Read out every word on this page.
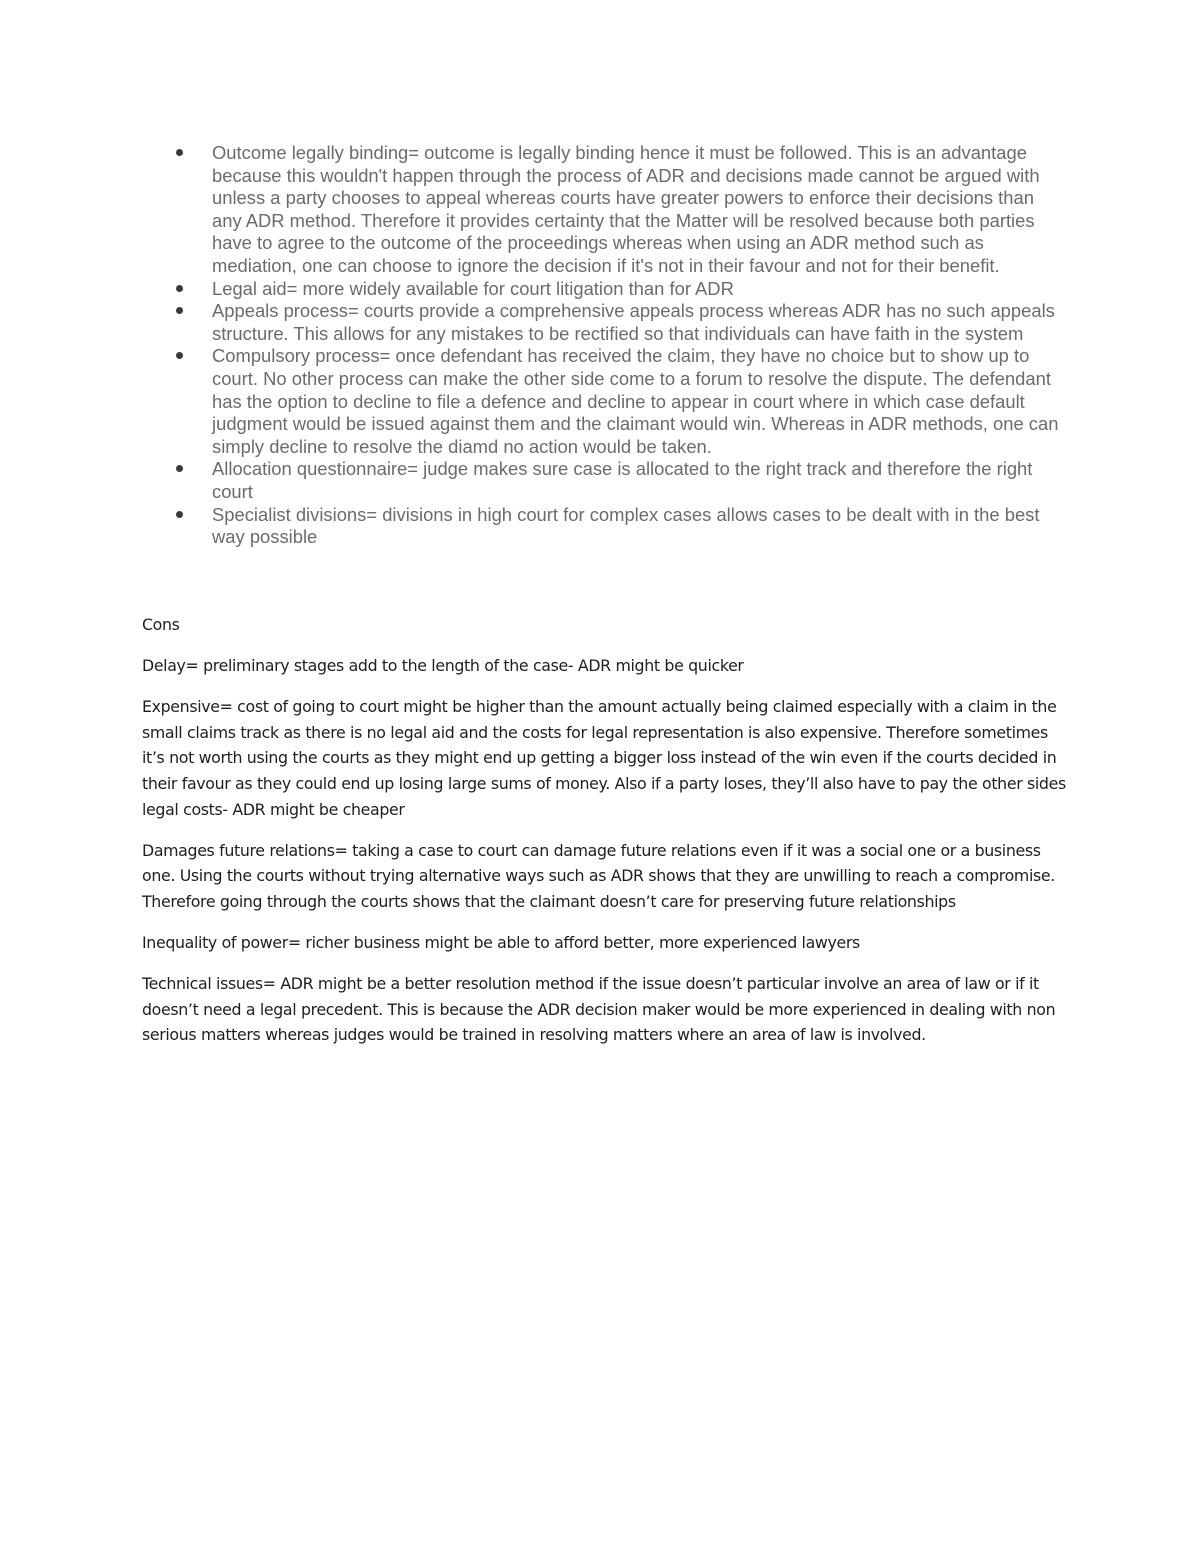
Outcome legally binding= outcome is legally binding hence it must be followed. This is an advantage because this wouldn't happen through the process of ADR and decisions made cannot be argued with unless a party chooses to appeal whereas courts have greater powers to enforce their decisions than any ADR method. Therefore it provides certainty that the Matter will be resolved because both parties have to agree to the outcome of the proceedings whereas when using an ADR method such as mediation, one can choose to ignore the decision if it's not in their favour and not for their benefit.
Legal aid= more widely available for court litigation than for ADR
Appeals process= courts provide a comprehensive appeals process whereas ADR has no such appeals structure. This allows for any mistakes to be rectified so that individuals can have faith in the system
Compulsory process= once defendant has received the claim, they have no choice but to show up to court. No other process can make the other side come to a forum to resolve the dispute. The defendant has the option to decline to file a defence and decline to appear in court where in which case default judgment would be issued against them and the claimant would win. Whereas in ADR methods, one can simply decline to resolve the diamd no action would be taken.
Allocation questionnaire= judge makes sure case is allocated to the right track and therefore the right court
Specialist divisions= divisions in high court for complex cases allows cases to be dealt with in the best way possible

Cons

Delay= preliminary stages add to the length of the case- ADR might be quicker

Expensive= cost of going to court might be higher than the amount actually being claimed especially with a claim in the small claims track as there is no legal aid and the costs for legal representation is also expensive. Therefore sometimes it’s not worth using the courts as they might end up getting a bigger loss instead of the win even if the courts decided in their favour as they could end up losing large sums of money. Also if a party loses, they’ll also have to pay the other sides legal costs- ADR might be cheaper

Damages future relations= taking a case to court can damage future relations even if it was a social one or a business one. Using the courts without trying alternative ways such as ADR shows that they are unwilling to reach a compromise. Therefore going through the courts shows that the claimant doesn’t care for preserving future relationships

Inequality of power= richer business might be able to afford better, more experienced lawyers

Technical issues= ADR might be a better resolution method if the issue doesn’t particular involve an area of law or if it doesn’t need a legal precedent. This is because the ADR decision maker would be more experienced in dealing with non serious matters whereas judges would be trained in resolving matters where an area of law is involved.
